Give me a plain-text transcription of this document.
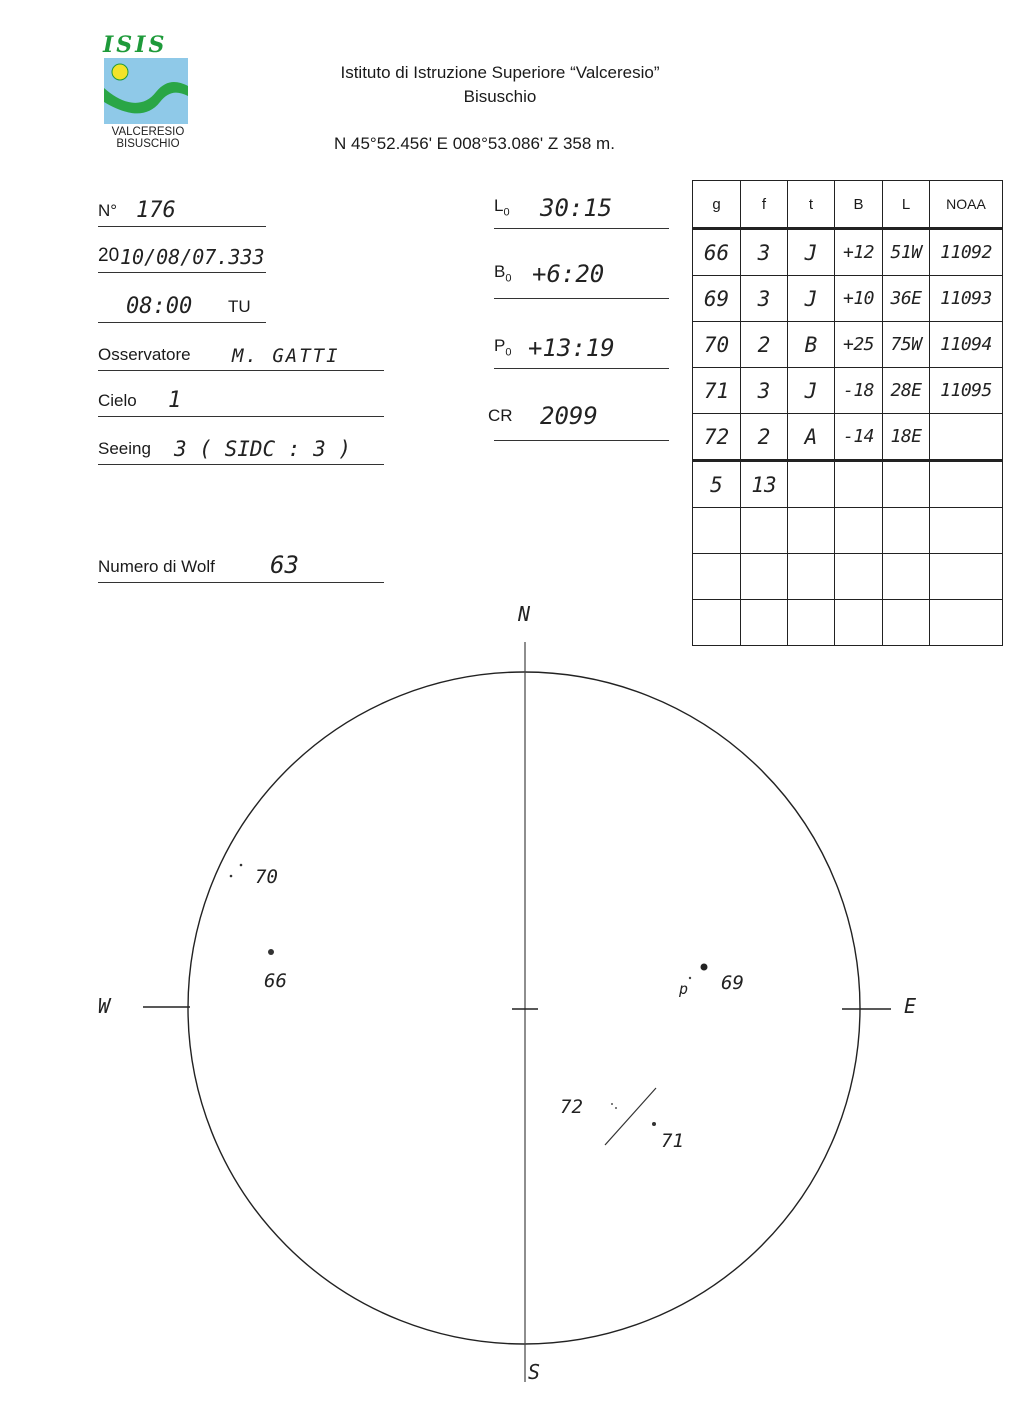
ISIS
VALCERESIO
BISUSCHIO
Istituto di Istruzione Superiore “Valceresio”
Bisuschio
N 45°52.456' E 008°53.086' Z 358 m.
N° 176
20 10/08/07.333
08:00 TU
Osservatore M. GATTI
Cielo 1
Seeing 3 ( SIDC : 3 )
Numero di Wolf 63
$L_0$ 30:15
$B_0$ +6:20
$P_0$ +13:19
CR 2099
g	f	t	B	L	NOAA
66	3	J	+12	51W	11092
69	3	J	+10	36E	11093
70	2	B	+25	75W	11094
71	3	J	-18	28E	11095
72	2	A	-14	18E	
5	13				

N
S
E
W
70
66	69
p
72
71
